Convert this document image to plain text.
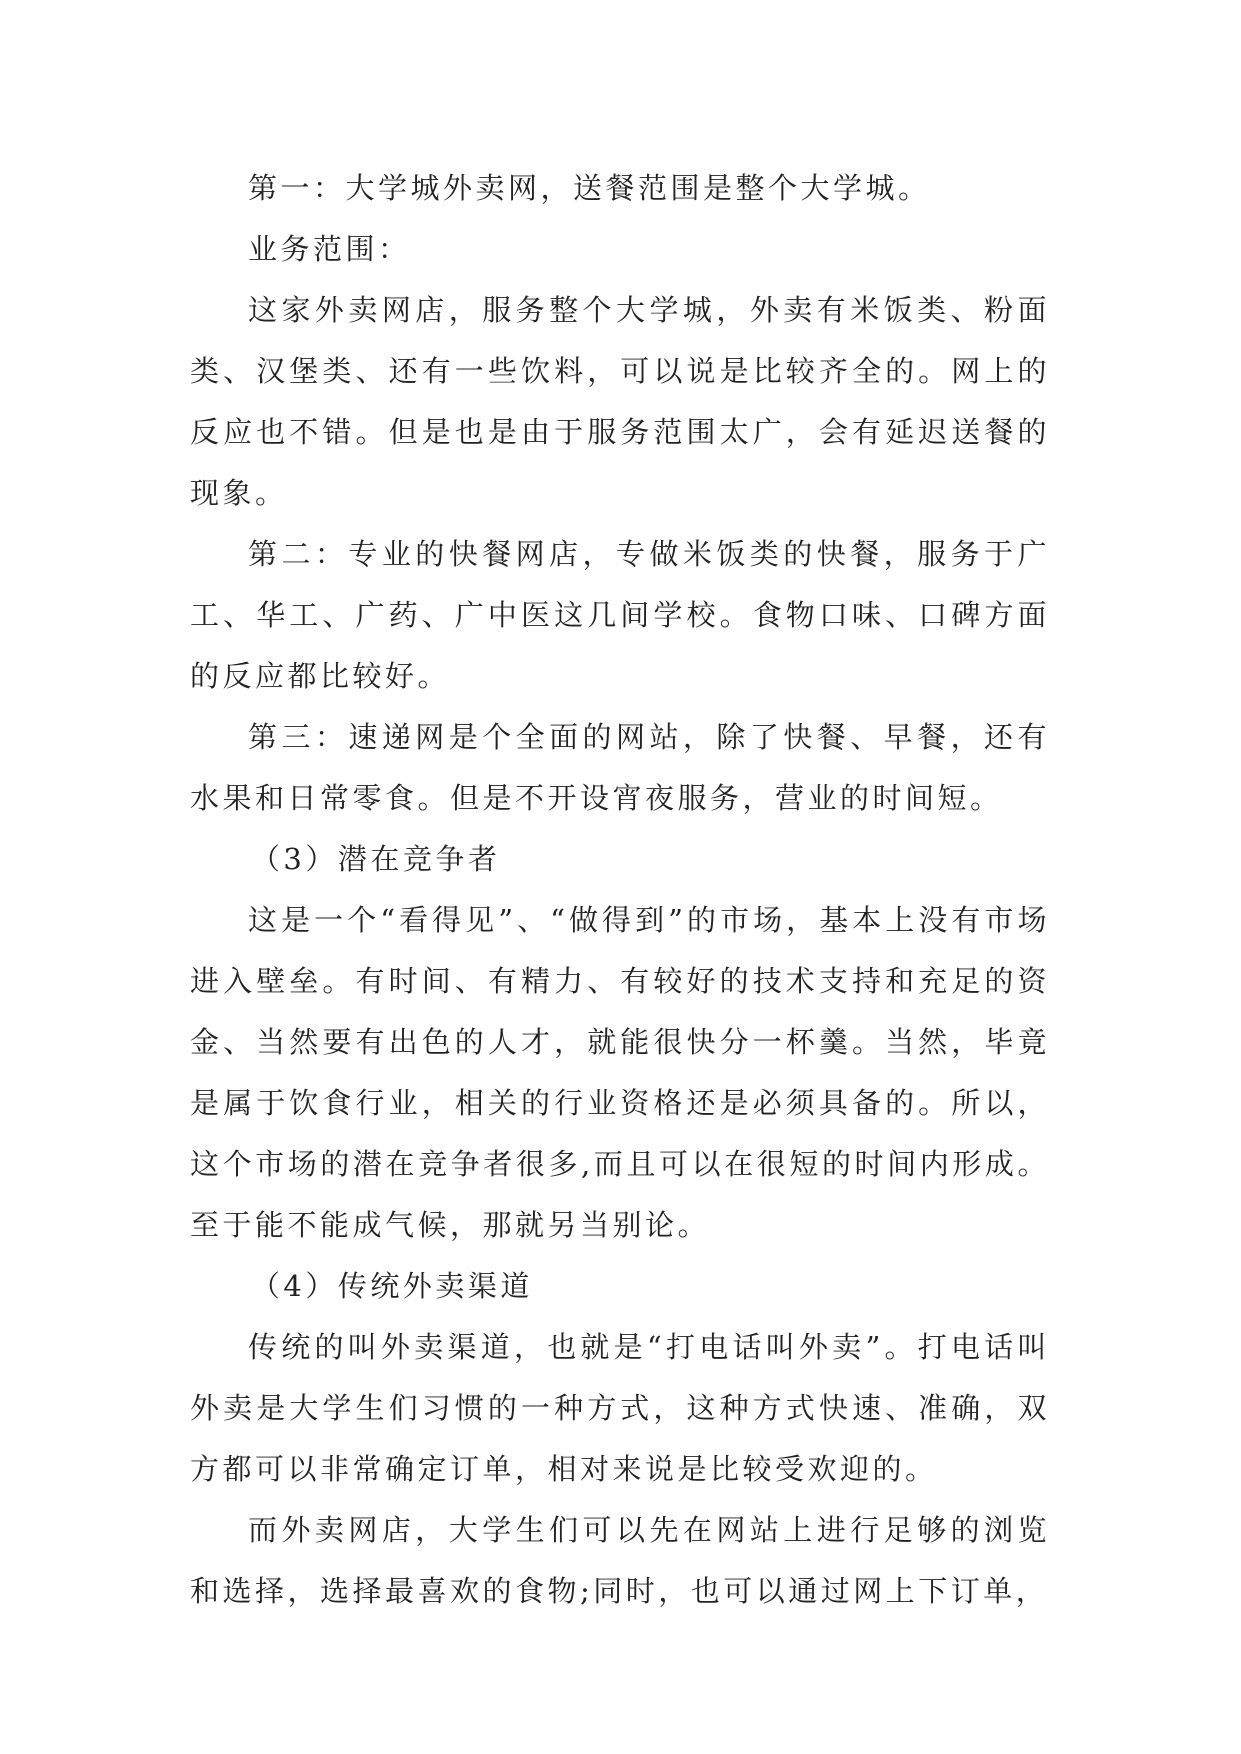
第一：大学城外卖网，送餐范围是整个大学城。

业务范围：

这家外卖网店，服务整个大学城，外卖有米饭类、粉面类、汉堡类、还有一些饮料，可以说是比较齐全的。网上的反应也不错。但是也是由于服务范围太广，会有延迟送餐的现象。

第二：专业的快餐网店，专做米饭类的快餐，服务于广工、华工、广药、广中医这几间学校。食物口味、口碑方面的反应都比较好。

第三：速递网是个全面的网站，除了快餐、早餐，还有水果和日常零食。但是不开设宵夜服务，营业的时间短。

（3）潜在竞争者

这是一个“看得见”、“做得到”的市场，基本上没有市场进入壁垒。有时间、有精力、有较好的技术支持和充足的资金、当然要有出色的人才，就能很快分一杯羹。当然，毕竟是属于饮食行业，相关的行业资格还是必须具备的。所以，这个市场的潜在竞争者很多,而且可以在很短的时间内形成。至于能不能成气候，那就另当别论。

（4）传统外卖渠道

传统的叫外卖渠道，也就是“打电话叫外卖”。打电话叫外卖是大学生们习惯的一种方式，这种方式快速、准确，双方都可以非常确定订单，相对来说是比较受欢迎的。

而外卖网店，大学生们可以先在网站上进行足够的浏览和选择，选择最喜欢的食物;同时，也可以通过网上下订单，
